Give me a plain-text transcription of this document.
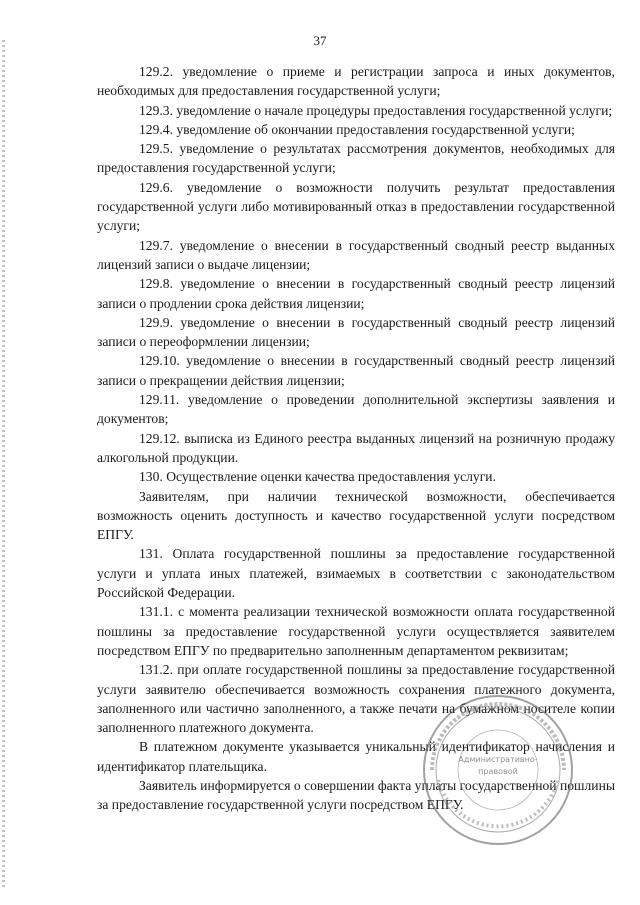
37

129.2. уведомление о приеме и регистрации запроса и иных документов, необходимых для предоставления государственной услуги;

129.3. уведомление о начале процедуры предоставления государственной услуги;

129.4. уведомление об окончании предоставления государственной услуги;

129.5. уведомление о результатах рассмотрения документов, необходимых для предоставления государственной услуги;

129.6. уведомление о возможности получить результат предоставления государственной услуги либо мотивированный отказ в предоставлении государственной услуги;

129.7. уведомление о внесении в государственный сводный реестр выданных лицензий записи о выдаче лицензии;

129.8. уведомление о внесении в государственный сводный реестр лицензий записи о продлении срока действия лицензии;

129.9. уведомление о внесении в государственный сводный реестр лицензий записи о переоформлении лицензии;

129.10. уведомление о внесении в государственный сводный реестр лицензий записи о прекращении действия лицензии;

129.11. уведомление о проведении дополнительной экспертизы заявления и документов;

129.12. выписка из Единого реестра выданных лицензий на розничную продажу алкогольной продукции.

130. Осуществление оценки качества предоставления услуги.

Заявителям, при наличии технической возможности, обеспечивается возможность оценить доступность и качество государственной услуги посредством ЕПГУ.

131. Оплата государственной пошлины за предоставление государственной услуги и уплата иных платежей, взимаемых в соответствии с законодательством Российской Федерации.

131.1. с момента реализации технической возможности оплата государственной пошлины за предоставление государственной услуги осуществляется заявителем посредством ЕПГУ по предварительно заполненным департаментом реквизитам;

131.2. при оплате государственной пошлины за предоставление государственной услуги заявителю обеспечивается возможность сохранения платежного документа, заполненного или частично заполненного, а также печати на бумажном носителе копии заполненного платежного документа.

В платежном документе указывается уникальный идентификатор начисления и идентификатор плательщика.

Заявитель информируется о совершении факта уплаты государственной пошлины за предоставление государственной услуги посредством ЕПГУ.

Административно-
правовой
